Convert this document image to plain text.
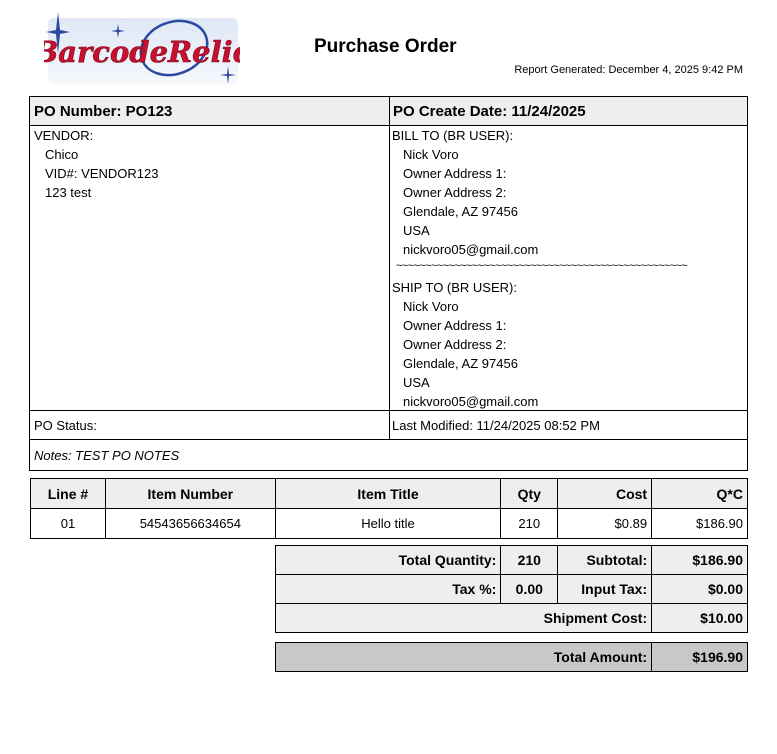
BarcodeRelic	Purchase Order
Report Generated: December 4, 2025 9:42 PM
PO Number: PO123	PO Create Date: 11/24/2025
VENDOR:
Chico
VID#: VENDOR123
123 test
BILL TO (BR USER):
Nick Voro
Owner Address 1:
Owner Address 2:
Glendale, AZ 97456
USA
nickvoro05@gmail.com
~~~~~~~~~~~~~~~~~~~~~~~~~~~~~~~~~~~~~~~~~~~~~~~~~~
SHIP TO (BR USER):
Nick Voro
Owner Address 1:
Owner Address 2:
Glendale, AZ 97456
USA
nickvoro05@gmail.com
PO Status:	Last Modified: 11/24/2025 08:52 PM
Notes: TEST PO NOTES
Line #	Item Number	Item Title	Qty	Cost	Q*C
01	54543656634654	Hello title	210	$0.89	$186.90
Total Quantity:	210	Subtotal:	$186.90
Tax %:	0.00	Input Tax:	$0.00
Shipment Cost:			$10.00
Total Amount:	$196.90
